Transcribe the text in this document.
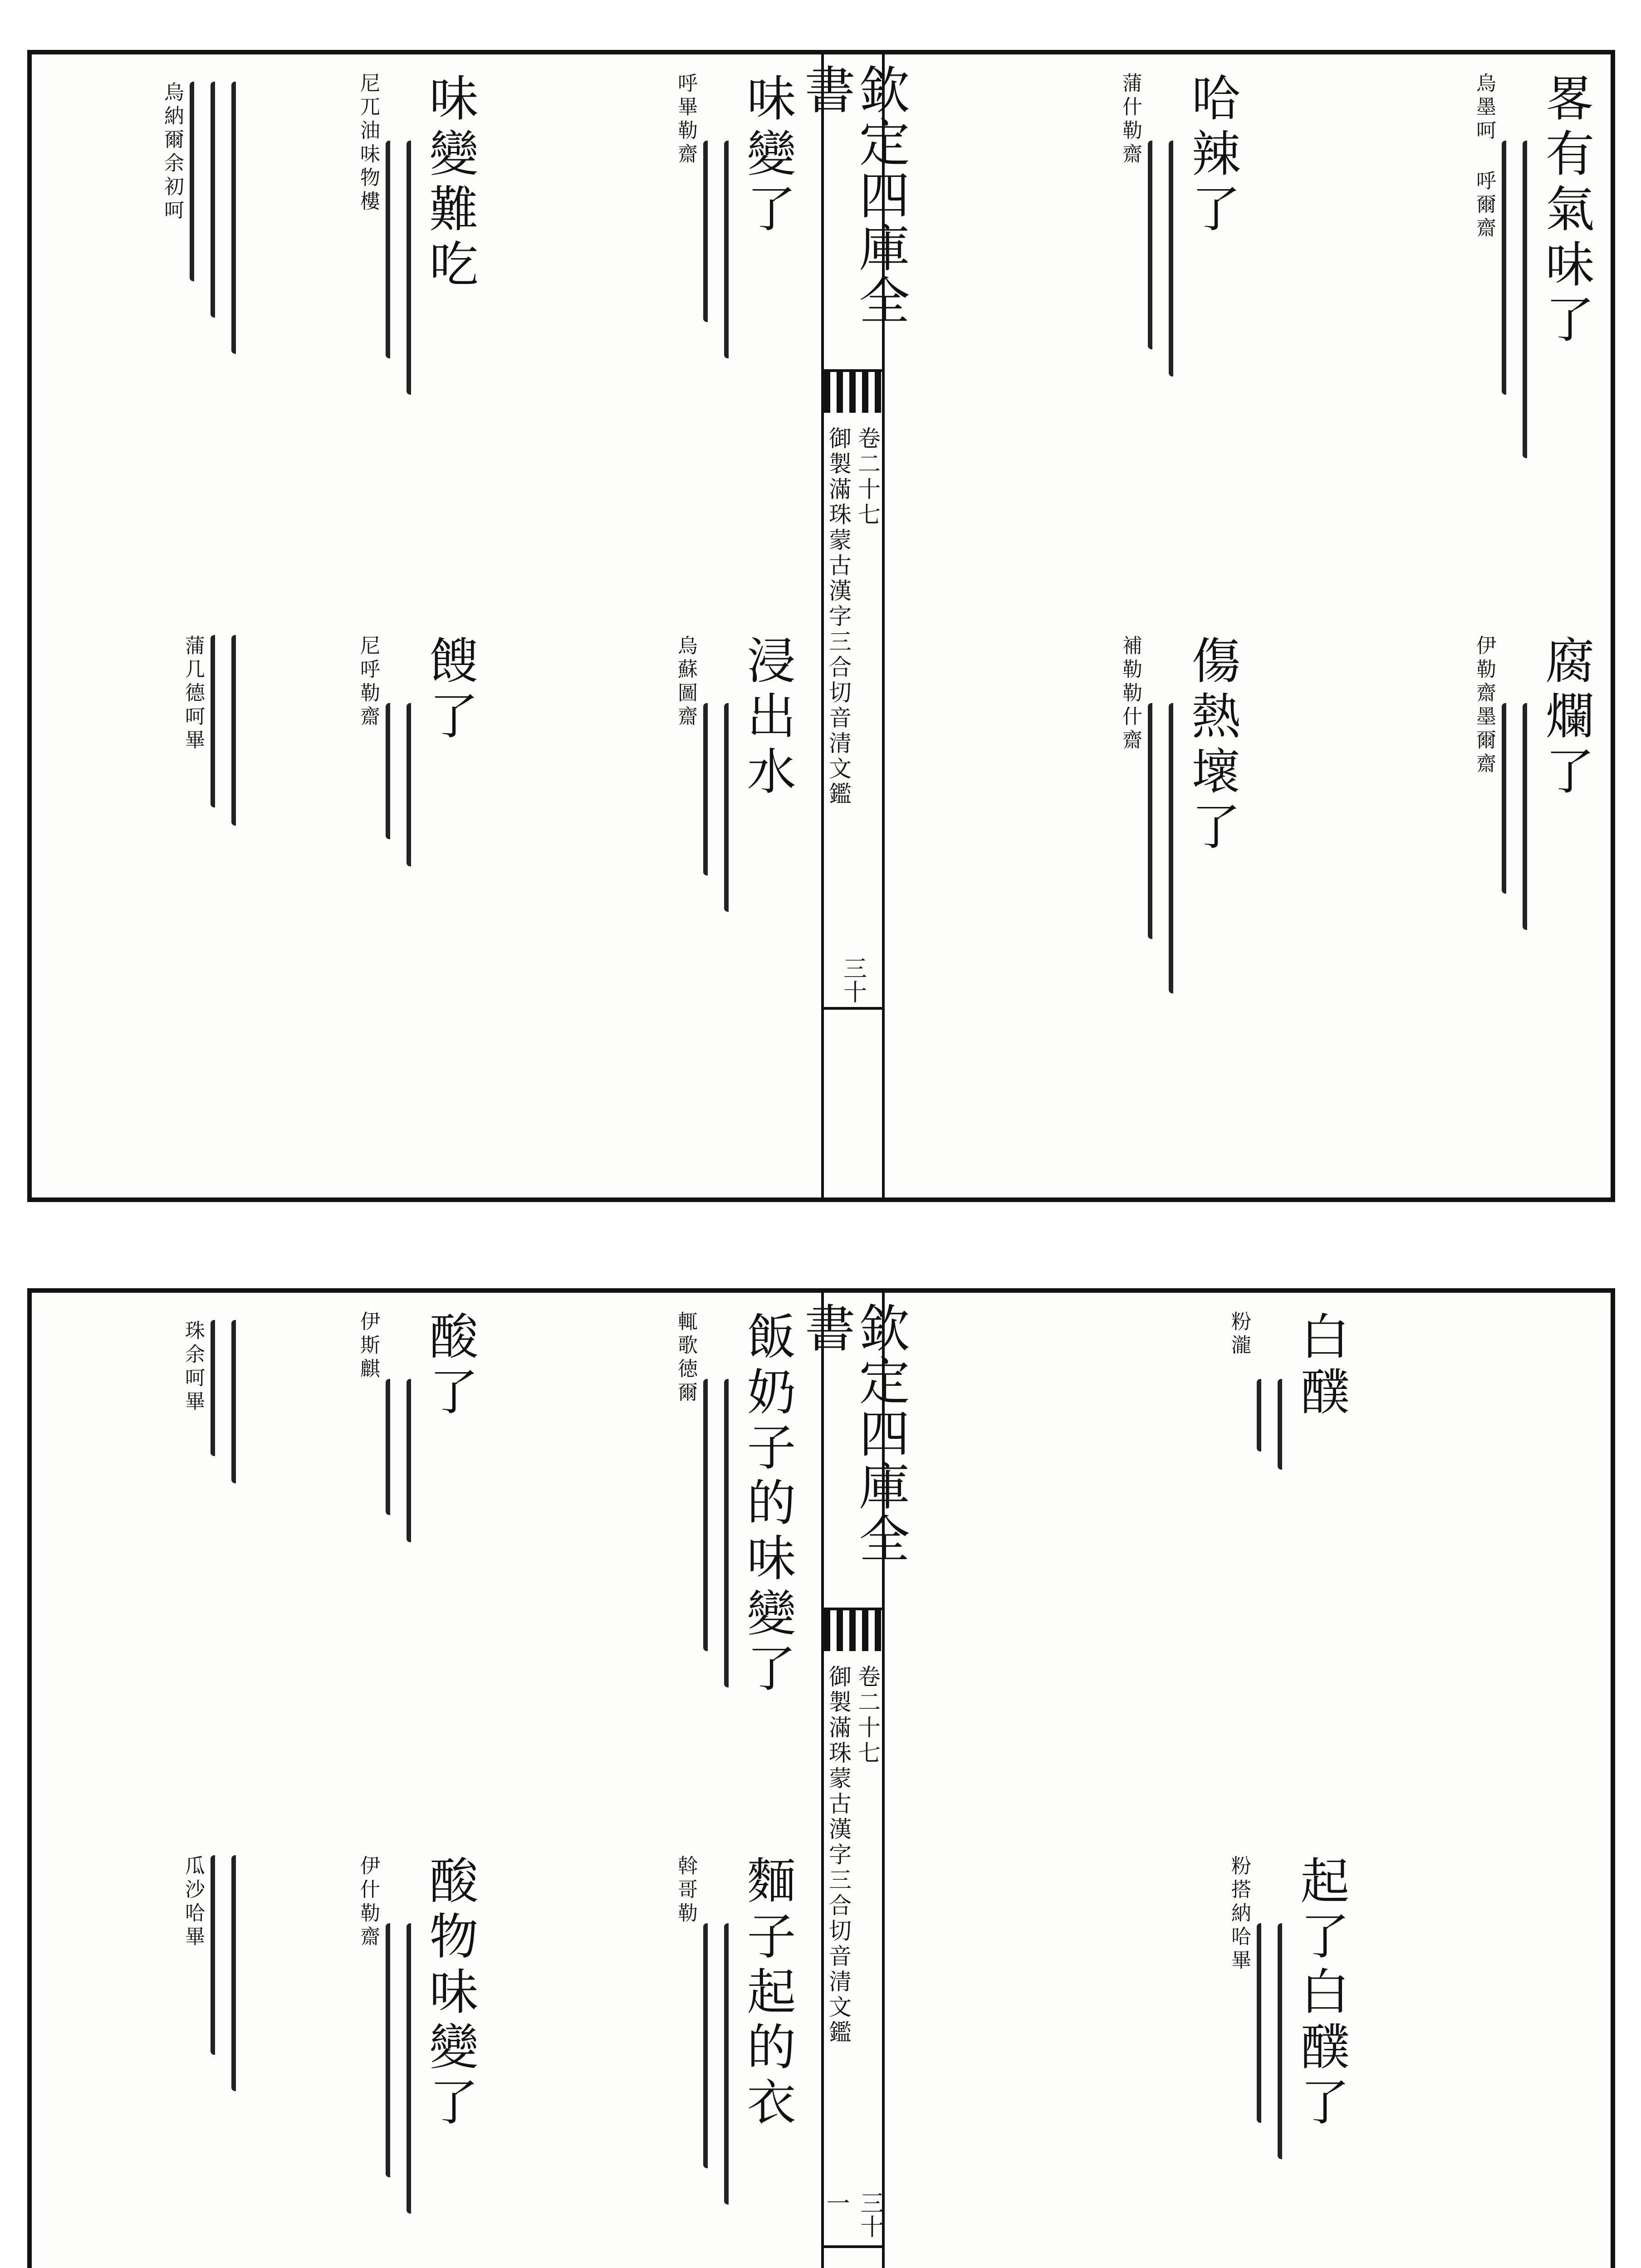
欽定四庫全書
卷二十七
御製滿珠蒙古漢字三合切音清文鑑
三十
畧有氣味了
烏墨呵 呼爾齋
腐爛了
伊勒齋墨爾齋
哈辣了
蒲什勒齋
傷熱壞了
補勒勒什齋
味變了
呼畢勒齋
浸出水
烏蘇圖齋
味變難吃
尼兀油味物樓
餿了
尼呼勒齋
烏納爾余初呵
蒲几德呵畢
欽定四庫全書
卷二十七
御製滿珠蒙古漢字三合切音清文鑑
三十一
白醭
粉瀧
起了白醭了
粉搭納哈畢
飯奶子的味變了
輒歌徳爾
麵子起的衣
斡哥勒
酸了
伊斯麒
酸物味變了
伊什勒齋
珠余呵畢
瓜沙哈畢
